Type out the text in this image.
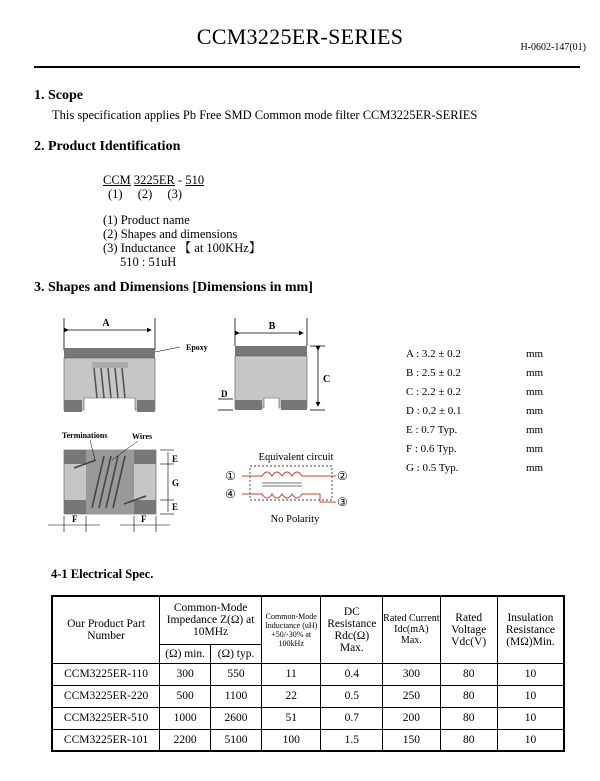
CCM3225ER-SERIES	H-0602-147(01)
1. Scope
This specification applies Pb Free SMD Common mode filter CCM3225ER-SERIES
2. Product Identification
CCM 3225ER - 510
(1) (2) (3)
(1) Product name
(2) Shapes and dimensions
(3) Inductance 【 at 100KHz】
510 : 51uH
3. Shapes and Dimensions [Dimensions in mm]
A
Epoxy
B
C
D
Terminations	Wires
E
G
E
F	F
Equivalent circuit
①	②
④
③
No Polarity
A : 3.2 ± 0.2	mm
B : 2.5 ± 0.2	mm
C : 2.2 ± 0.2	mm
D : 0.2 ± 0.1	mm
E : 0.7 Typ.	mm
F : 0.6 Typ.	mm
G : 0.5 Typ.	mm
4-1 Electrical Spec.
Our Product Part Number	Common-Mode Impedance Z(Ω) at 10MHz		Common-Mode Inductance (uH) +50/-30% at 100kHz	DC Resistance Rdc(Ω) Max.	Rated Current Idc(mA) Max.	Rated Voltage Vdc(V)	Insulation Resistance (MΩ)Min.
	(Ω) min.	(Ω) typ.					
CCM3225ER-110	300	550	11	0.4	300	80	10
CCM3225ER-220	500	1100	22	0.5	250	80	10
CCM3225ER-510	1000	2600	51	0.7	200	80	10
CCM3225ER-101	2200	5100	100	1.5	150	80	10
